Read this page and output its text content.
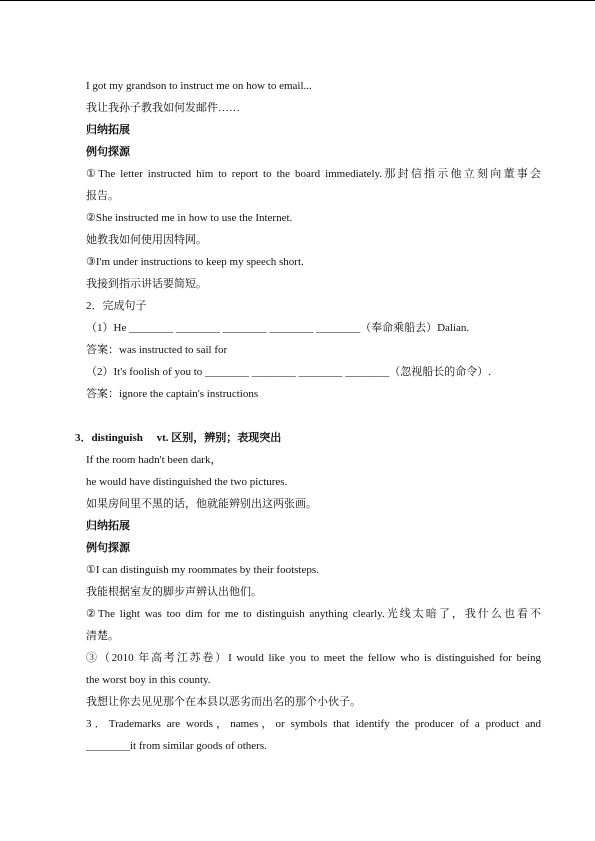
I got my grandson to instruct me on how to email...
我让我孙子教我如何发邮件……
归纳拓展
例句探源
①The letter instructed him to report to the board immediately.那封信指示他立刻向董事会
报告。
②She instructed me in how to use the Internet.
她教我如何使用因特网。
③I'm under instructions to keep my speech short.
我接到指示讲话要简短。
2．完成句子
（1）He ________ ________ ________ ________ ________（奉命乘船去）Dalian.
答案：was instructed to sail for
（2）It's foolish of you to ________ ________ ________ ________（忽视船长的命令）.
答案：ignore the captain's instructions
3．distinguish　 vt. 区别，辨别；表现突出
If the room hadn't been dark，
he would have distinguished the two pictures.
如果房间里不黑的话，他就能辨别出这两张画。
归纳拓展
例句探源
①I can distinguish my roommates by their footsteps.
我能根据室友的脚步声辨认出他们。
②The light was too dim for me to distinguish anything clearly.光线太暗了，我什么也看不
清楚。
③（2010 年高考江苏卷）I would like you to meet the fellow who is distinguished for being
the worst boy in this county.
我想让你去见见那个在本县以恶劣而出名的那个小伙子。
3．Trademarks are words，names，or symbols that identify the producer of a product and
________it from similar goods of others.
